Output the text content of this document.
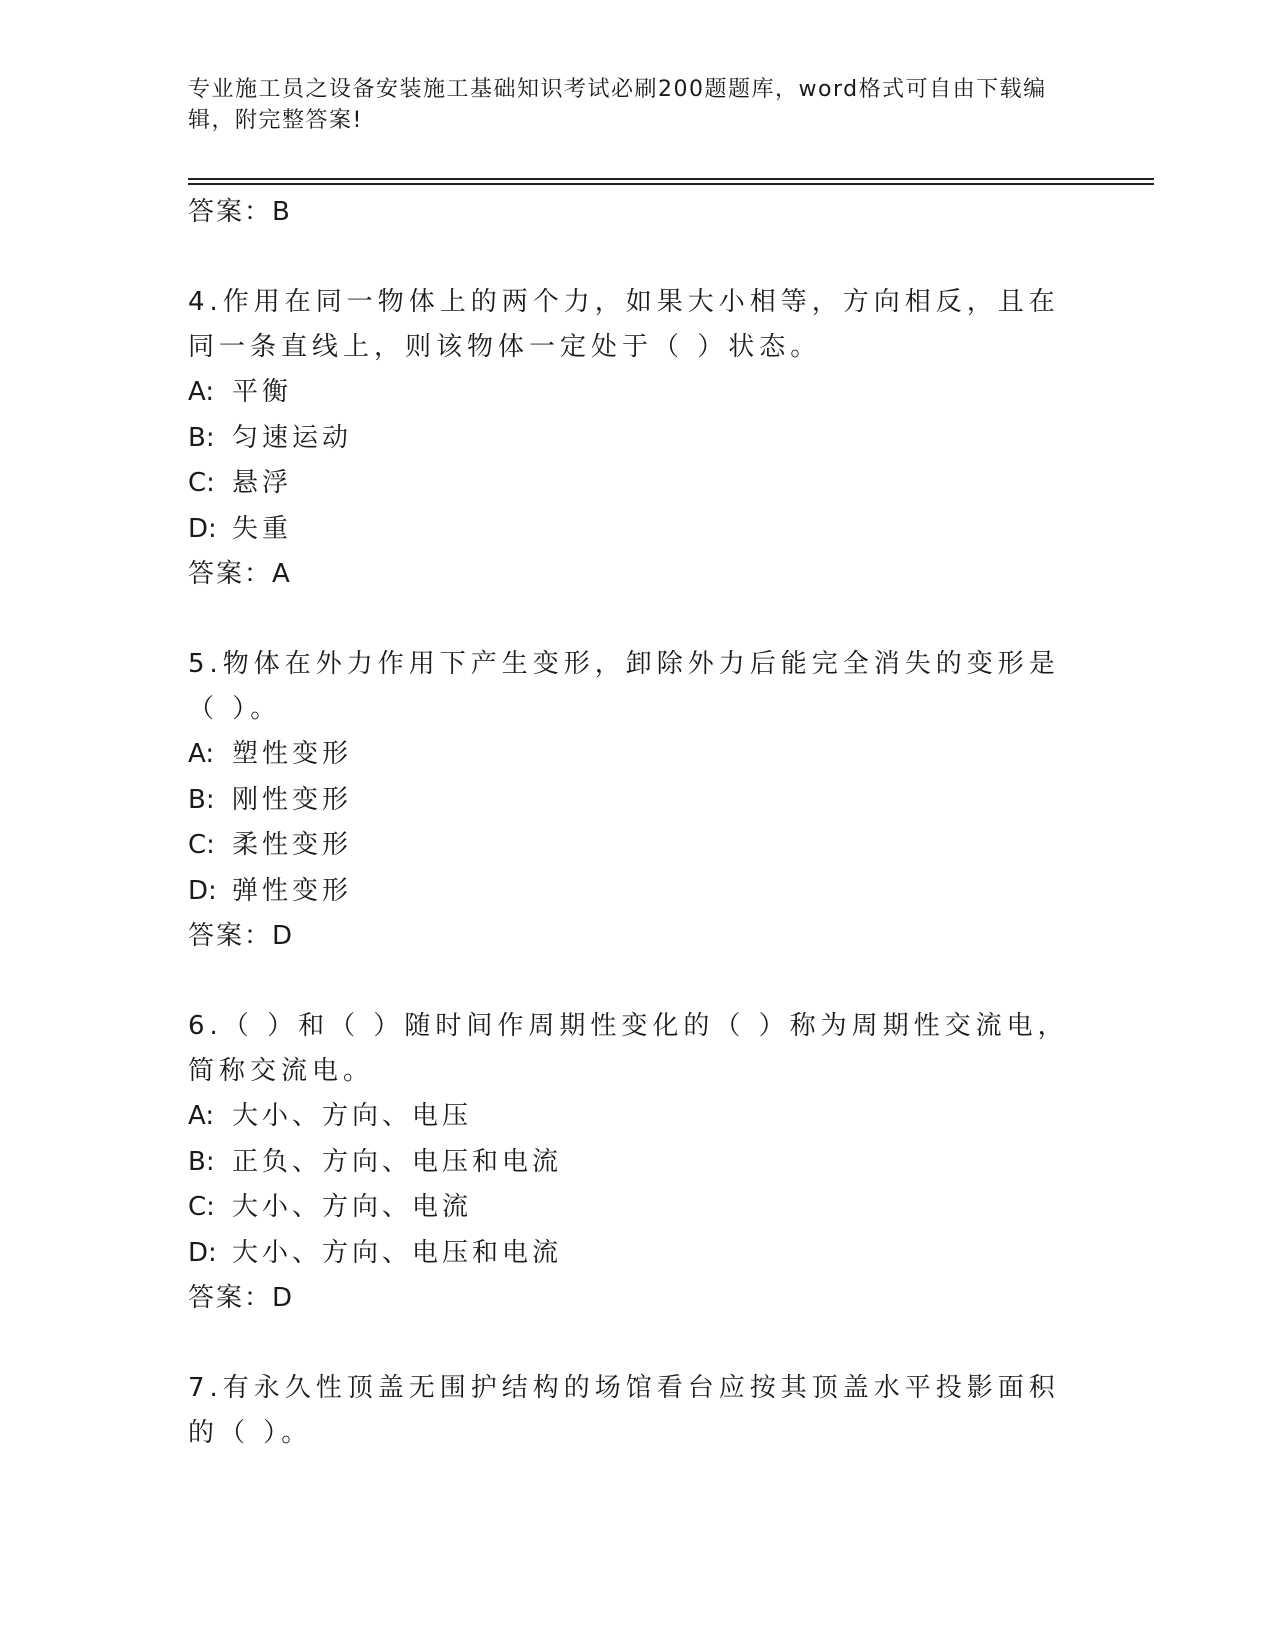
专业施工员之设备安装施工基础知识考试必刷200题题库，word格式可自由下载编辑，附完整答案!
答案：B
4.作用在同一物体上的两个力，如果大小相等，方向相反，且在同一条直线上，则该物体一定处于（ ）状态。
A: 平衡
B: 匀速运动
C: 悬浮
D: 失重
答案：A
5.物体在外力作用下产生变形，卸除外力后能完全消失的变形是（ ）。
A: 塑性变形
B: 刚性变形
C: 柔性变形
D: 弹性变形
答案：D
6.（ ）和（ ）随时间作周期性变化的（ ）称为周期性交流电，简称交流电。
A: 大小、方向、电压
B: 正负、方向、电压和电流
C: 大小、方向、电流
D: 大小、方向、电压和电流
答案：D
7.有永久性顶盖无围护结构的场馆看台应按其顶盖水平投影面积的（ ）。
